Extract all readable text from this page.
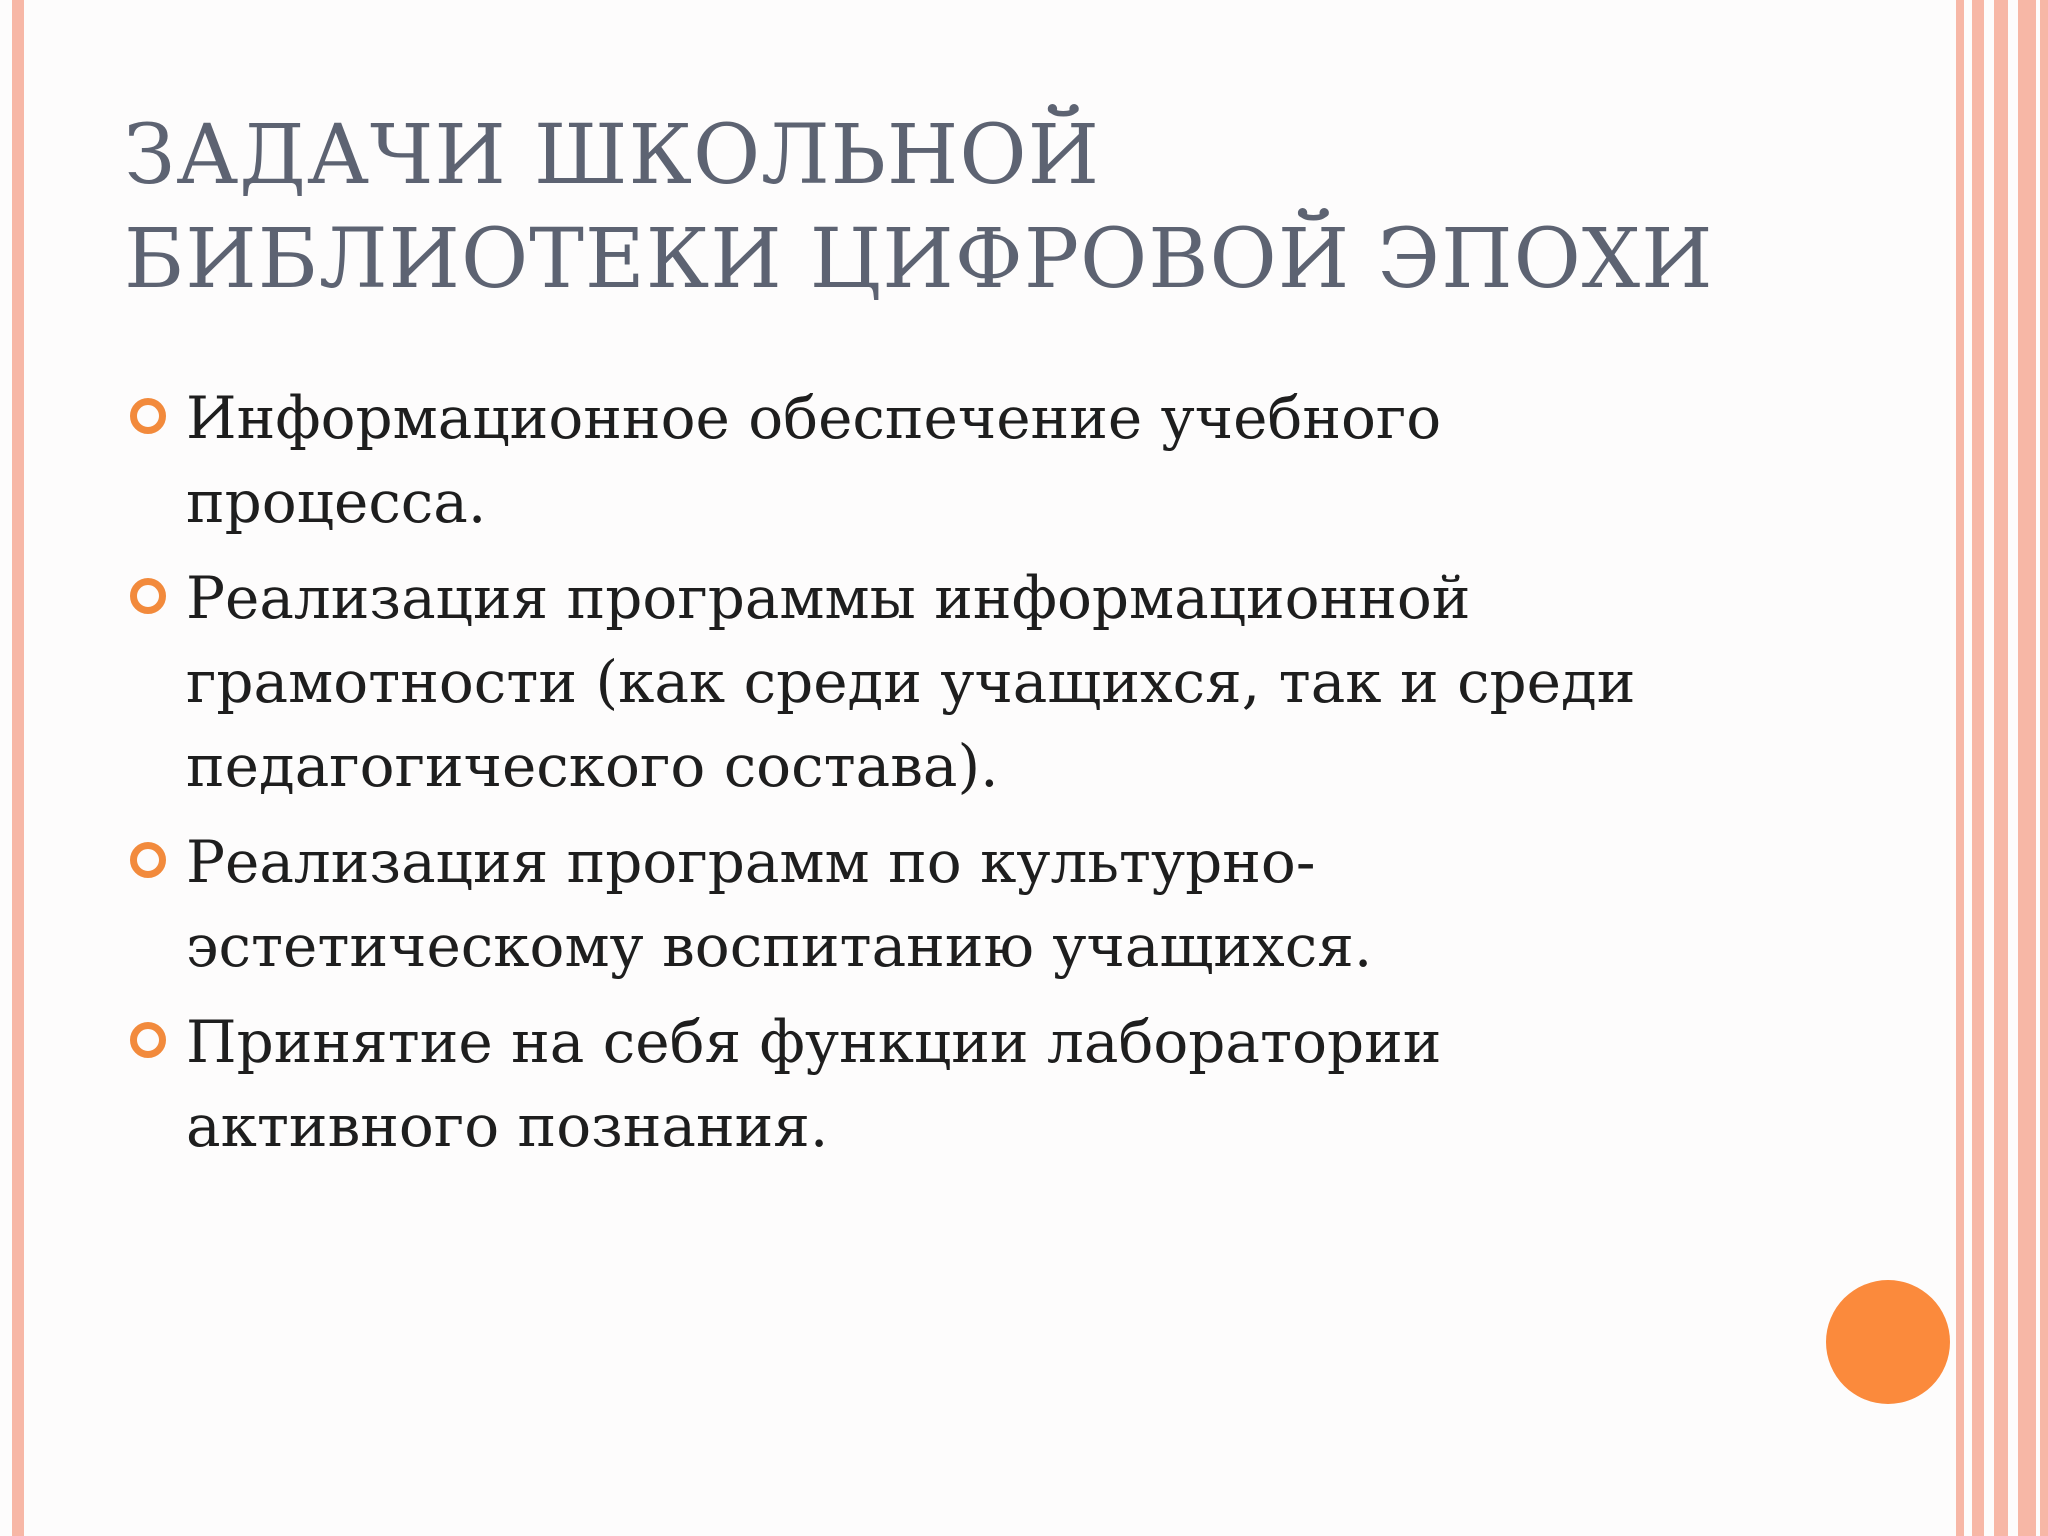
ЗАДАЧИ ШКОЛЬНОЙ
БИБЛИОТЕКИ ЦИФРОВОЙ ЭПОХИ
Информационное обеспечение учебного
процесса.
Реализация программы информационной
грамотности (как среди учащихся, так и среди
педагогического состава).
Реализация программ по культурно-
эстетическому воспитанию учащихся.
Принятие на себя функции лаборатории
активного познания.
